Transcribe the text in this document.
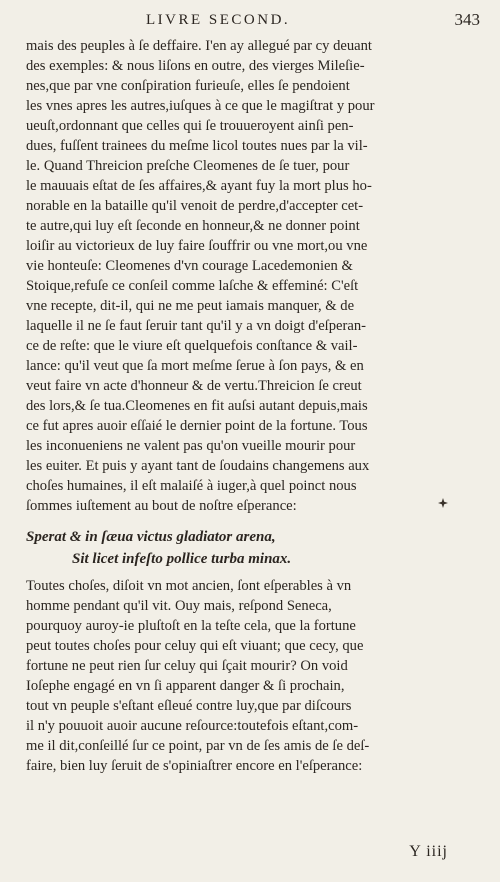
LIVRE SECOND.	343
mais des peuples à ſe deffaire. I'en ay allegué par cy deuant
des exemples: & nous liſons en outre, des vierges Mileſie-
nes,que par vne conſpiration furieuſe, elles ſe pendoient
les vnes apres les autres,iuſques à ce que le magiſtrat y pour
ueuſt,ordonnant que celles qui ſe trouueroyent ainſi pen-
dues, fuſſent trainees du meſme licol toutes nues par la vil-
le. Quand Threicion preſche Cleomenes de ſe tuer, pour
le mauuais eſtat de ſes affaires,& ayant fuy la mort plus ho-
norable en la bataille qu'il venoit de perdre,d'accepter cet-
te autre,qui luy eſt ſeconde en honneur,& ne donner point
loiſir au victorieux de luy faire ſouffrir ou vne mort,ou vne
vie honteuſe: Cleomenes d'vn courage Lacedemonien &
Stoique,refuſe ce conſeil comme laſche & effeminé: C'eſt
vne recepte, dit-il, qui ne me peut iamais manquer, & de
laquelle il ne ſe faut ſeruir tant qu'il y a vn doigt d'eſperan-
ce de reſte: que le viure eſt quelquefois conſtance & vail-
lance: qu'il veut que ſa mort meſme ſerue à ſon pays, & en
veut faire vn acte d'honneur & de vertu.Threicion ſe creut
des lors,& ſe tua.Cleomenes en fit auſsi autant depuis,mais
ce fut apres auoir eſſaié le dernier point de la fortune. Tous
les inconueniens ne valent pas qu'on vueille mourir pour
les euiter. Et puis y ayant tant de ſoudains changemens aux
choſes humaines, il eſt malaiſé à iuger,à quel poinct nous
ſommes iuſtement au bout de noſtre eſperance:
Sperat & in ſæua victus gladiator arena,
Sit licet infeſto pollice turba minax.
Toutes choſes, diſoit vn mot ancien, ſont eſperables à vn
homme pendant qu'il vit. Ouy mais, reſpond Seneca,
pourquoy auroy-ie pluſtoſt en la teſte cela, que la fortune
peut toutes choſes pour celuy qui eſt viuant; que cecy, que
fortune ne peut rien ſur celuy qui ſçait mourir? On void
Ioſephe engagé en vn ſi apparent danger & ſi prochain,
tout vn peuple s'eſtant eſleué contre luy,que par diſcours
il n'y pouuoit auoir aucune reſource:toutefois eſtant,com-
me il dit,conſeillé ſur ce point, par vn de ſes amis de ſe deſ-
faire, bien luy ſeruit de s'opiniaſtrer encore en l'eſperance:
Y iiij
